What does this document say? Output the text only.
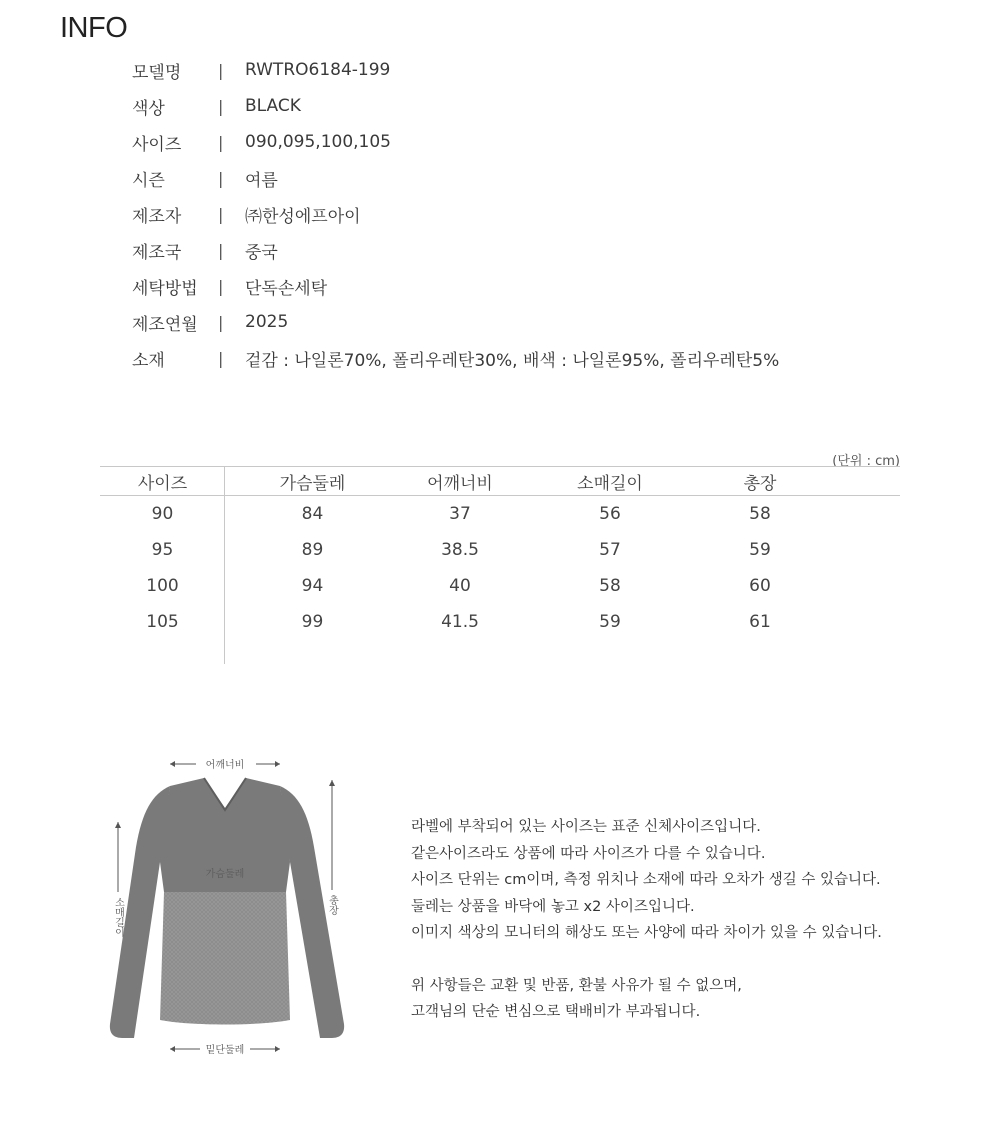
INFO
모델명	|	RWTRO6184-199
색상	|	BLACK
사이즈	|	090,095,100,105
시즌	|	여름
제조자	|	㈜한성에프아이
제조국	|	중국
세탁방법	|	단독손세탁
제조연월	|	2025
소재	|	겉감 : 나일론70%, 폴리우레탄30%, 배색 : 나일론95%, 폴리우레탄5%
(단위 : cm)
사이즈	가슴둘레	어깨너비	소매길이	총장
90	84	37	56	58
95	89	38.5	57	59
100	94	40	58	60
105	99	41.5	59	61
어깨너비
가슴둘레
소매길이	총장
밑단둘레

라벨에 부착되어 있는 사이즈는 표준 신체사이즈입니다.

같은사이즈라도 상품에 따라 사이즈가 다를 수 있습니다.

사이즈 단위는 cm이며, 측정 위치나 소재에 따라 오차가 생길 수 있습니다.

둘레는 상품을 바닥에 놓고 x2 사이즈입니다.

이미지 색상의 모니터의 해상도 또는 사양에 따라 차이가 있을 수 있습니다.

위 사항들은 교환 및 반품, 환불 사유가 될 수 없으며,

고객님의 단순 변심으로 택배비가 부과됩니다.
